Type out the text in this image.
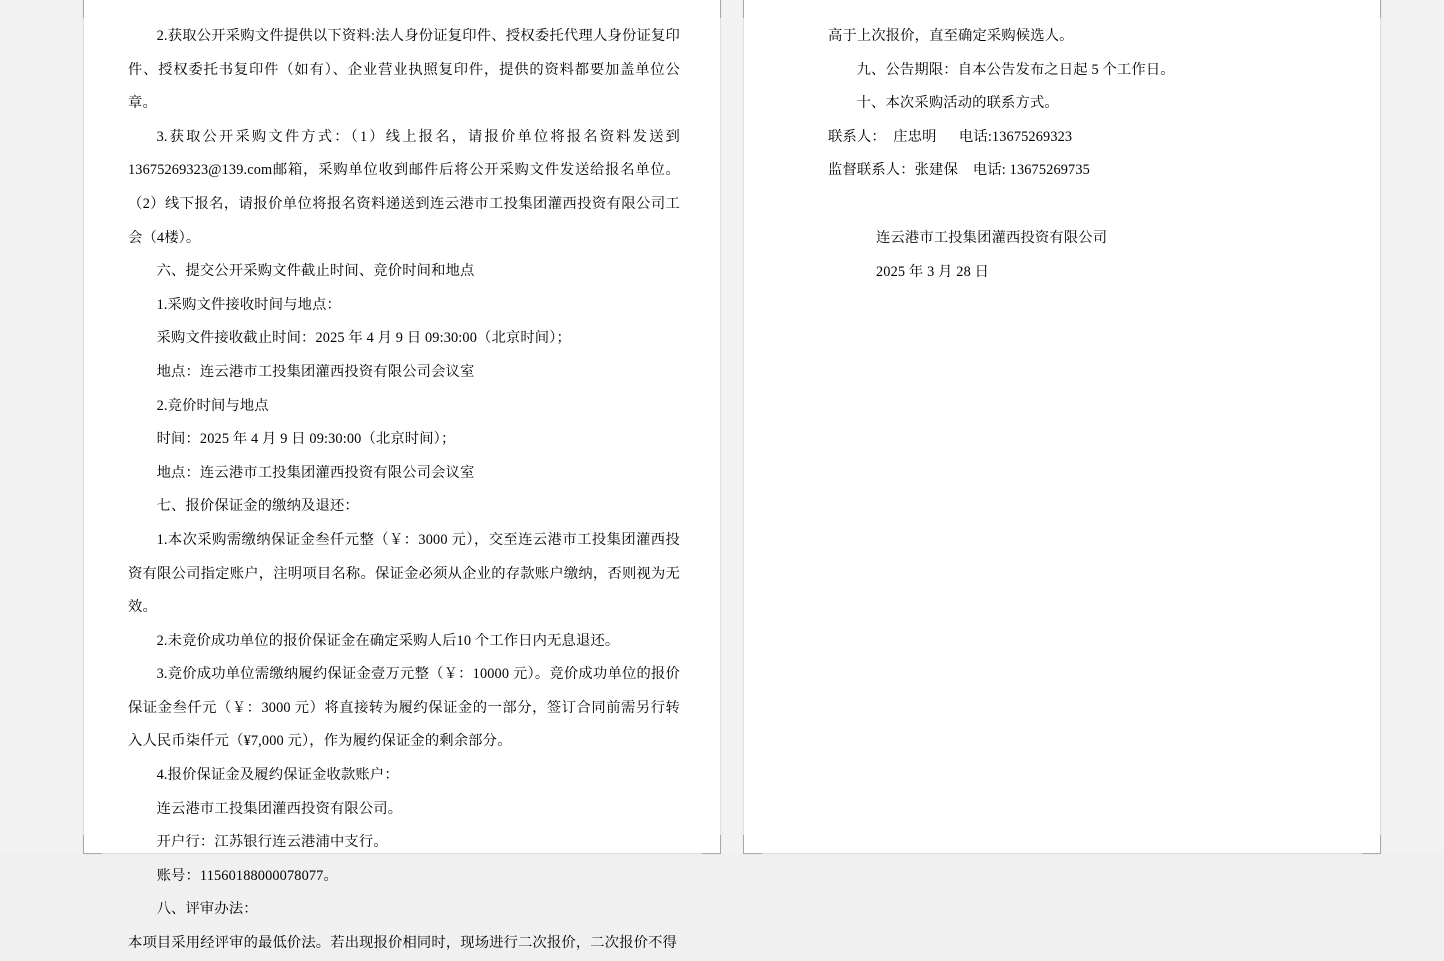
2.获取公开采购文件提供以下资料:法人身份证复印件、授权委托代理人身份证复印件、授权委托书复印件（如有）、企业营业执照复印件，提供的资料都要加盖单位公章。

3.获取公开采购文件方式：（1）线上报名，请报价单位将报名资料发送到13675269323@139.com邮箱，采购单位收到邮件后将公开采购文件发送给报名单位。（2）线下报名，请报价单位将报名资料递送到连云港市工投集团灌西投资有限公司工会（4楼）。

六、提交公开采购文件截止时间、竞价时间和地点

1.采购文件接收时间与地点：

采购文件接收截止时间：2025 年 4 月 9 日 09:30:00（北京时间）；

地点：连云港市工投集团灌西投资有限公司会议室

2.竞价时间与地点

时间：2025 年 4 月 9 日 09:30:00（北京时间）；

地点：连云港市工投集团灌西投资有限公司会议室

七、报价保证金的缴纳及退还：

1.本次采购需缴纳保证金叁仟元整（￥：3000 元），交至连云港市工投集团灌西投资有限公司指定账户，注明项目名称。保证金必须从企业的存款账户缴纳，否则视为无效。

2.未竞价成功单位的报价保证金在确定采购人后10 个工作日内无息退还。

3.竞价成功单位需缴纳履约保证金壹万元整（￥：10000 元）。竞价成功单位的报价保证金叁仟元（￥：3000 元）将直接转为履约保证金的一部分，签订合同前需另行转入人民币柒仟元（¥7,000 元），作为履约保证金的剩余部分。

4.报价保证金及履约保证金收款账户：

连云港市工投集团灌西投资有限公司。

开户行：江苏银行连云港浦中支行。

账号：11560188000078077。

八、评审办法：

本项目采用经评审的最低价法。若出现报价相同时，现场进行二次报价，二次报价不得

高于上次报价，直至确定采购候选人。

九、公告期限：自本公告发布之日起 5 个工作日。

十、本次采购活动的联系方式。

联系人：  庄忠明      电话:13675269323

监督联系人：张建保    电话: 13675269735

连云港市工投集团灌西投资有限公司

2025 年 3 月 28 日
